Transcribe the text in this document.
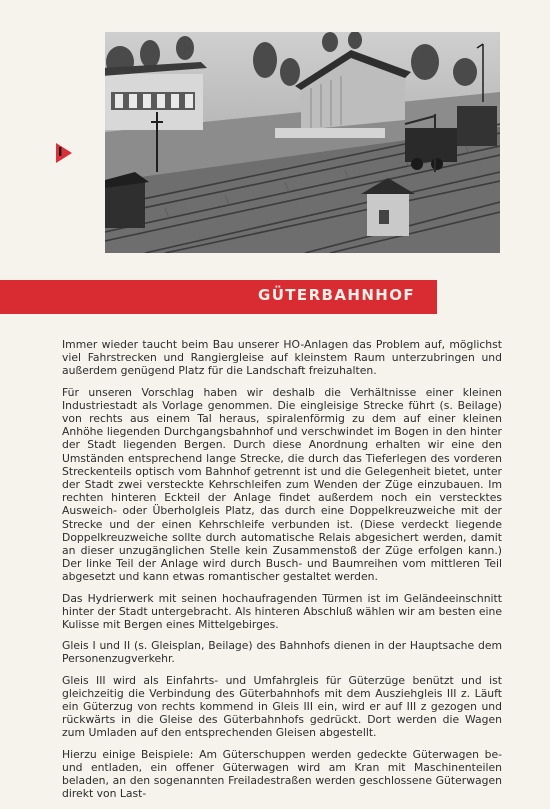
I
GÜTERBAHNHOF

Immer wieder taucht beim Bau unserer HO-Anlagen das Problem auf, möglichst viel Fahrstrecken und Rangiergleise auf kleinstem Raum unterzubringen und außerdem genügend Platz für die Landschaft freizuhalten.

Für unseren Vorschlag haben wir deshalb die Verhältnisse einer kleinen Industriestadt als Vorlage genommen. Die eingleisige Strecke führt (s. Beilage) von rechts aus einem Tal heraus, spiralenförmig zu dem auf einer kleinen Anhöhe liegenden Durchgangsbahnhof und verschwindet im Bogen in den hinter der Stadt liegenden Bergen. Durch diese Anordnung erhalten wir eine den Umständen entsprechend lange Strecke, die durch das Tieferlegen des vorderen Streckenteils optisch vom Bahnhof getrennt ist und die Gelegenheit bietet, unter der Stadt zwei versteckte Kehrschleifen zum Wenden der Züge einzubauen. Im rechten hinteren Eckteil der Anlage findet außerdem noch ein verstecktes Ausweich- oder Überholgleis Platz, das durch eine Doppelkreuzweiche mit der Strecke und der einen Kehrschleife verbunden ist. (Diese verdeckt liegende Doppelkreuzweiche sollte durch automatische Relais abgesichert werden, damit an dieser unzugänglichen Stelle kein Zusammenstoß der Züge erfolgen kann.) Der linke Teil der Anlage wird durch Busch- und Baumreihen vom mittleren Teil abgesetzt und kann etwas romantischer gestaltet werden.

Das Hydrierwerk mit seinen hochaufragenden Türmen ist im Geländeeinschnitt hinter der Stadt untergebracht. Als hinteren Abschluß wählen wir am besten eine Kulisse mit Bergen eines Mittelgebirges.

Gleis I und II (s. Gleisplan, Beilage) des Bahnhofs dienen in der Hauptsache dem Personenzugverkehr.

Gleis III wird als Einfahrts- und Umfahrgleis für Güterzüge benützt und ist gleichzeitig die Verbindung des Güterbahnhofs mit dem Ausziehgleis III z. Läuft ein Güterzug von rechts kommend in Gleis III ein, wird er auf III z gezogen und rückwärts in die Gleise des Güterbahnhofs gedrückt. Dort werden die Wagen zum Umladen auf den entsprechenden Gleisen abgestellt.

Hierzu einige Beispiele: Am Güterschuppen werden gedeckte Güterwagen be- und entladen, ein offener Güterwagen wird am Kran mit Maschinenteilen beladen, an den sogenannten Freiladestraßen werden geschlossene Güterwagen direkt von Last-
